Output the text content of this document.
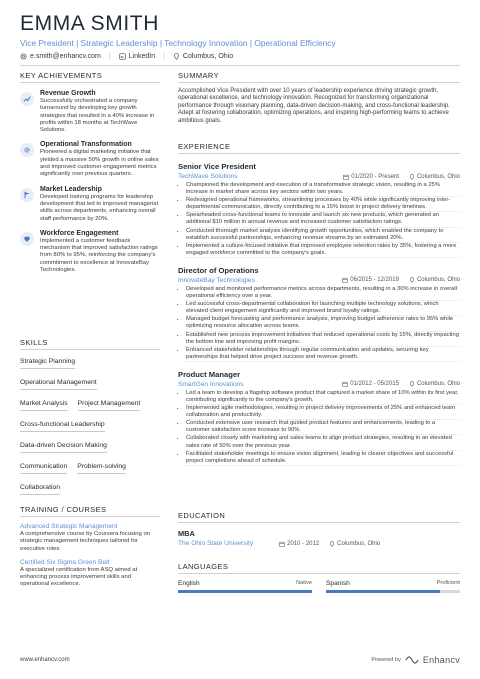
EMMA SMITH
Vice President | Strategic Leadership | Technology Innovation | Operational Efficiency
e.smith@enhancv.com |	LinkedIn |	Columbus, Ohio
KEY ACHIEVEMENTS
Revenue Growth
Successfully orchestrated a company turnaround by developing key growth strategies that resulted in a 40% increase in profits within 18 months at TechWave Solutions.
Operational Transformation
Pioneered a digital marketing initiative that yielded a massive 50% growth in online sales and improved customer engagement metrics significantly over previous quarters.
Market Leadership
Developed training programs for leadership development that led to improved managerial skills across departments, enhancing overall staff performance by 20%.
Workforce Engagement
Implemented a customer feedback mechanism that improved satisfaction ratings from 80% to 95%, reinforcing the company's commitment to excellence at InnovateBay Technologies.
SKILLS
Strategic Planning
Operational Management
Market Analysis Project Management
Cross-functional Leadership
Data-driven Decision Making
Communication Problem-solving
Collaboration
TRAINING / COURSES
Advanced Strategic Management
A comprehensive course by Coursera focusing on strategic management techniques tailored for executive roles.
Certified Six Sigma Green Belt
A specialized certification from ASQ aimed at enhancing process improvement skills and operational excellence.
SUMMARY
Accomplished Vice President with over 10 years of leadership experience driving strategic growth, operational excellence, and technology innovation. Recognized for transforming organizational performance through visionary planning, data-driven decision-making, and cross-functional leadership. Adept at fostering collaboration, optimizing operations, and inspiring high-performing teams to achieve ambitious goals.
EXPERIENCE
Senior Vice President
TechWave Solutions	01/2020 - Present	Columbus, Ohio
• Championed the development and execution of a transformative strategic vision, resulting in a 25% increase in market share across key sectors within two years.
• Redesigned operational frameworks, streamlining processes by 40% while significantly improving inter-departmental communication, directly contributing to a 15% boost in project delivery timelines.
• Spearheaded cross-functional teams to innovate and launch six new products, which generated an additional $10 million in annual revenue and increased customer satisfaction ratings.
• Conducted thorough market analysis identifying growth opportunities, which enabled the company to establish successful partnerships, enhancing revenue streams by an estimated 20%.
• Implemented a culture-focused initiative that improved employee retention rates by 35%, fostering a more engaged workforce committed to the company's goals.
Director of Operations
InnovateBay Technologies	06/2015 - 12/2019	Columbus, Ohio
• Developed and monitored performance metrics across departments, resulting in a 30% increase in overall operational efficiency over a year.
• Led successful cross-departmental collaboration for launching multiple technology solutions, which elevated client engagement significantly and improved brand loyalty ratings.
• Managed budget forecasting and performance analysis, improving budget adherence rates to 95% while optimizing resource allocation across teams.
• Established new process improvement initiatives that reduced operational costs by 15%, directly impacting the bottom line and improving profit margins.
• Enhanced stakeholder relationships through regular communication and updates, securing key partnerships that helped drive project success and revenue growth.
Product Manager
SmartGen Innovations	01/2012 - 05/2015	Columbus, Ohio
• Led a team to develop a flagship software product that captured a market share of 10% within its first year, contributing significantly to the company's growth.
• Implemented agile methodologies, resulting in project delivery improvements of 25% and enhanced team collaboration and productivity.
• Conducted extensive user research that guided product features and enhancements, leading to a customer satisfaction score increase to 90%.
• Collaborated closely with marketing and sales teams to align product strategies, resulting in an elevated sales rate of 50% over the previous year.
• Facilitated stakeholder meetings to ensure vision alignment, leading to clearer objectives and successful project completions ahead of schedule.
EDUCATION
MBA
The Ohio State University	2010 - 2012	Columbus, Ohio
LANGUAGES
English	Native Spanish	Proficient
www.enhancv.com	Powered by Enhancv
